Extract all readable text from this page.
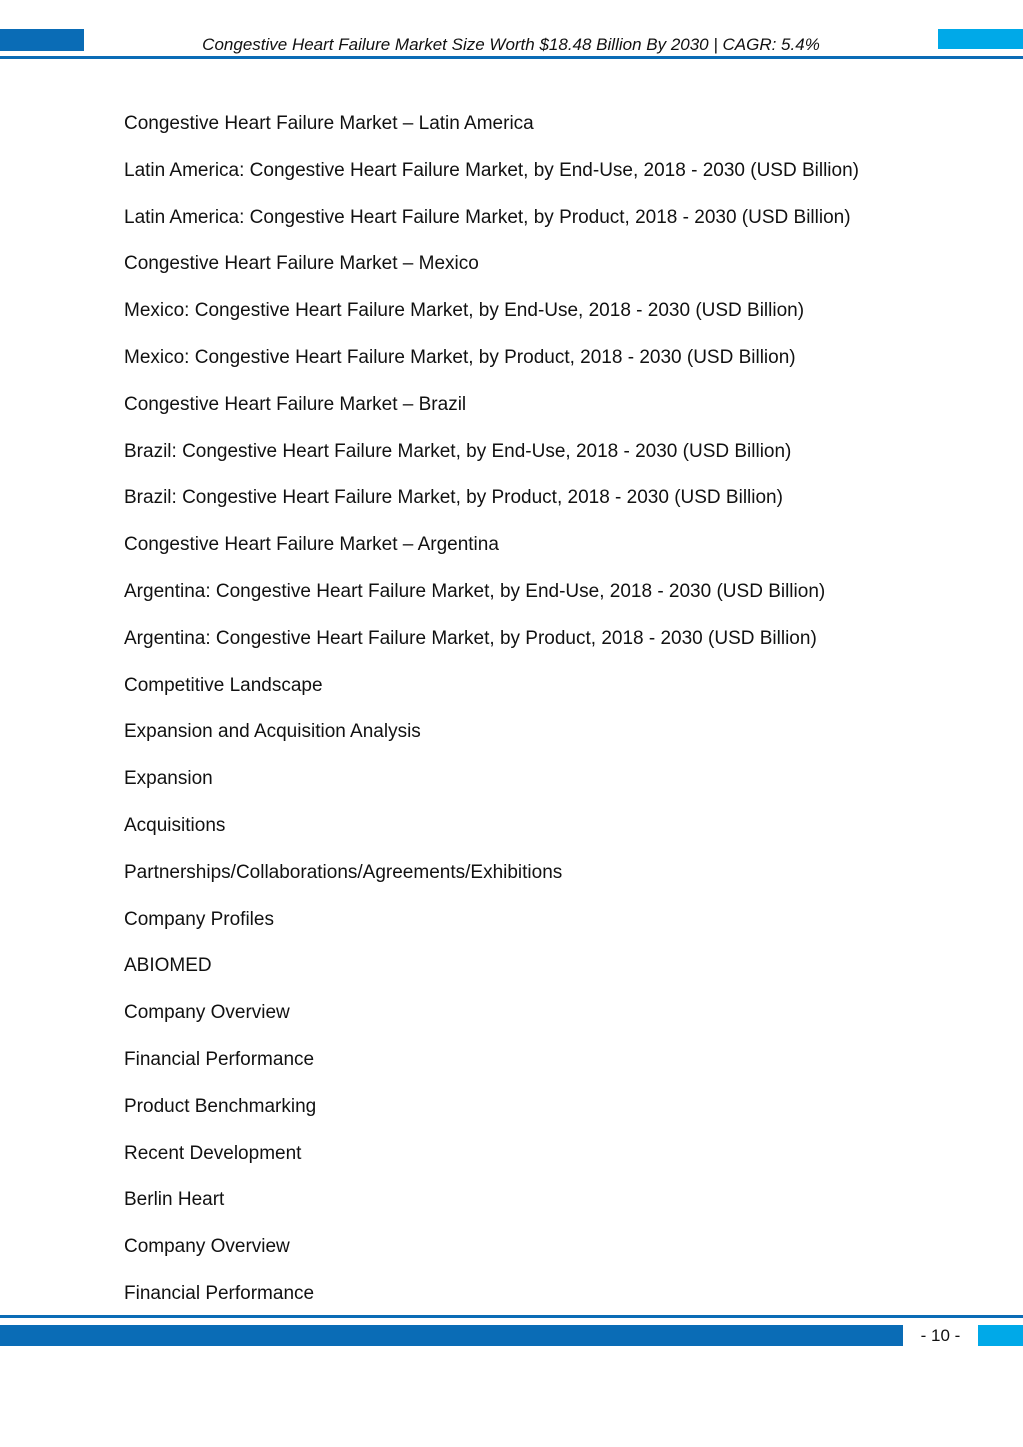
Congestive Heart Failure Market Size Worth $18.48 Billion By 2030 | CAGR: 5.4%
Congestive Heart Failure Market – Latin America
Latin America: Congestive Heart Failure Market, by End-Use, 2018 - 2030 (USD Billion)
Latin America: Congestive Heart Failure Market, by Product, 2018 - 2030 (USD Billion)
Congestive Heart Failure Market – Mexico
Mexico: Congestive Heart Failure Market, by End-Use, 2018 - 2030 (USD Billion)
Mexico: Congestive Heart Failure Market, by Product, 2018 - 2030 (USD Billion)
Congestive Heart Failure Market – Brazil
Brazil: Congestive Heart Failure Market, by End-Use, 2018 - 2030 (USD Billion)
Brazil: Congestive Heart Failure Market, by Product, 2018 - 2030 (USD Billion)
Congestive Heart Failure Market – Argentina
Argentina: Congestive Heart Failure Market, by End-Use, 2018 - 2030 (USD Billion)
Argentina: Congestive Heart Failure Market, by Product, 2018 - 2030 (USD Billion)
Competitive Landscape
Expansion and Acquisition Analysis
Expansion
Acquisitions
Partnerships/Collaborations/Agreements/Exhibitions
Company Profiles
ABIOMED
Company Overview
Financial Performance
Product Benchmarking
Recent Development
Berlin Heart
Company Overview
Financial Performance
- 10 -
